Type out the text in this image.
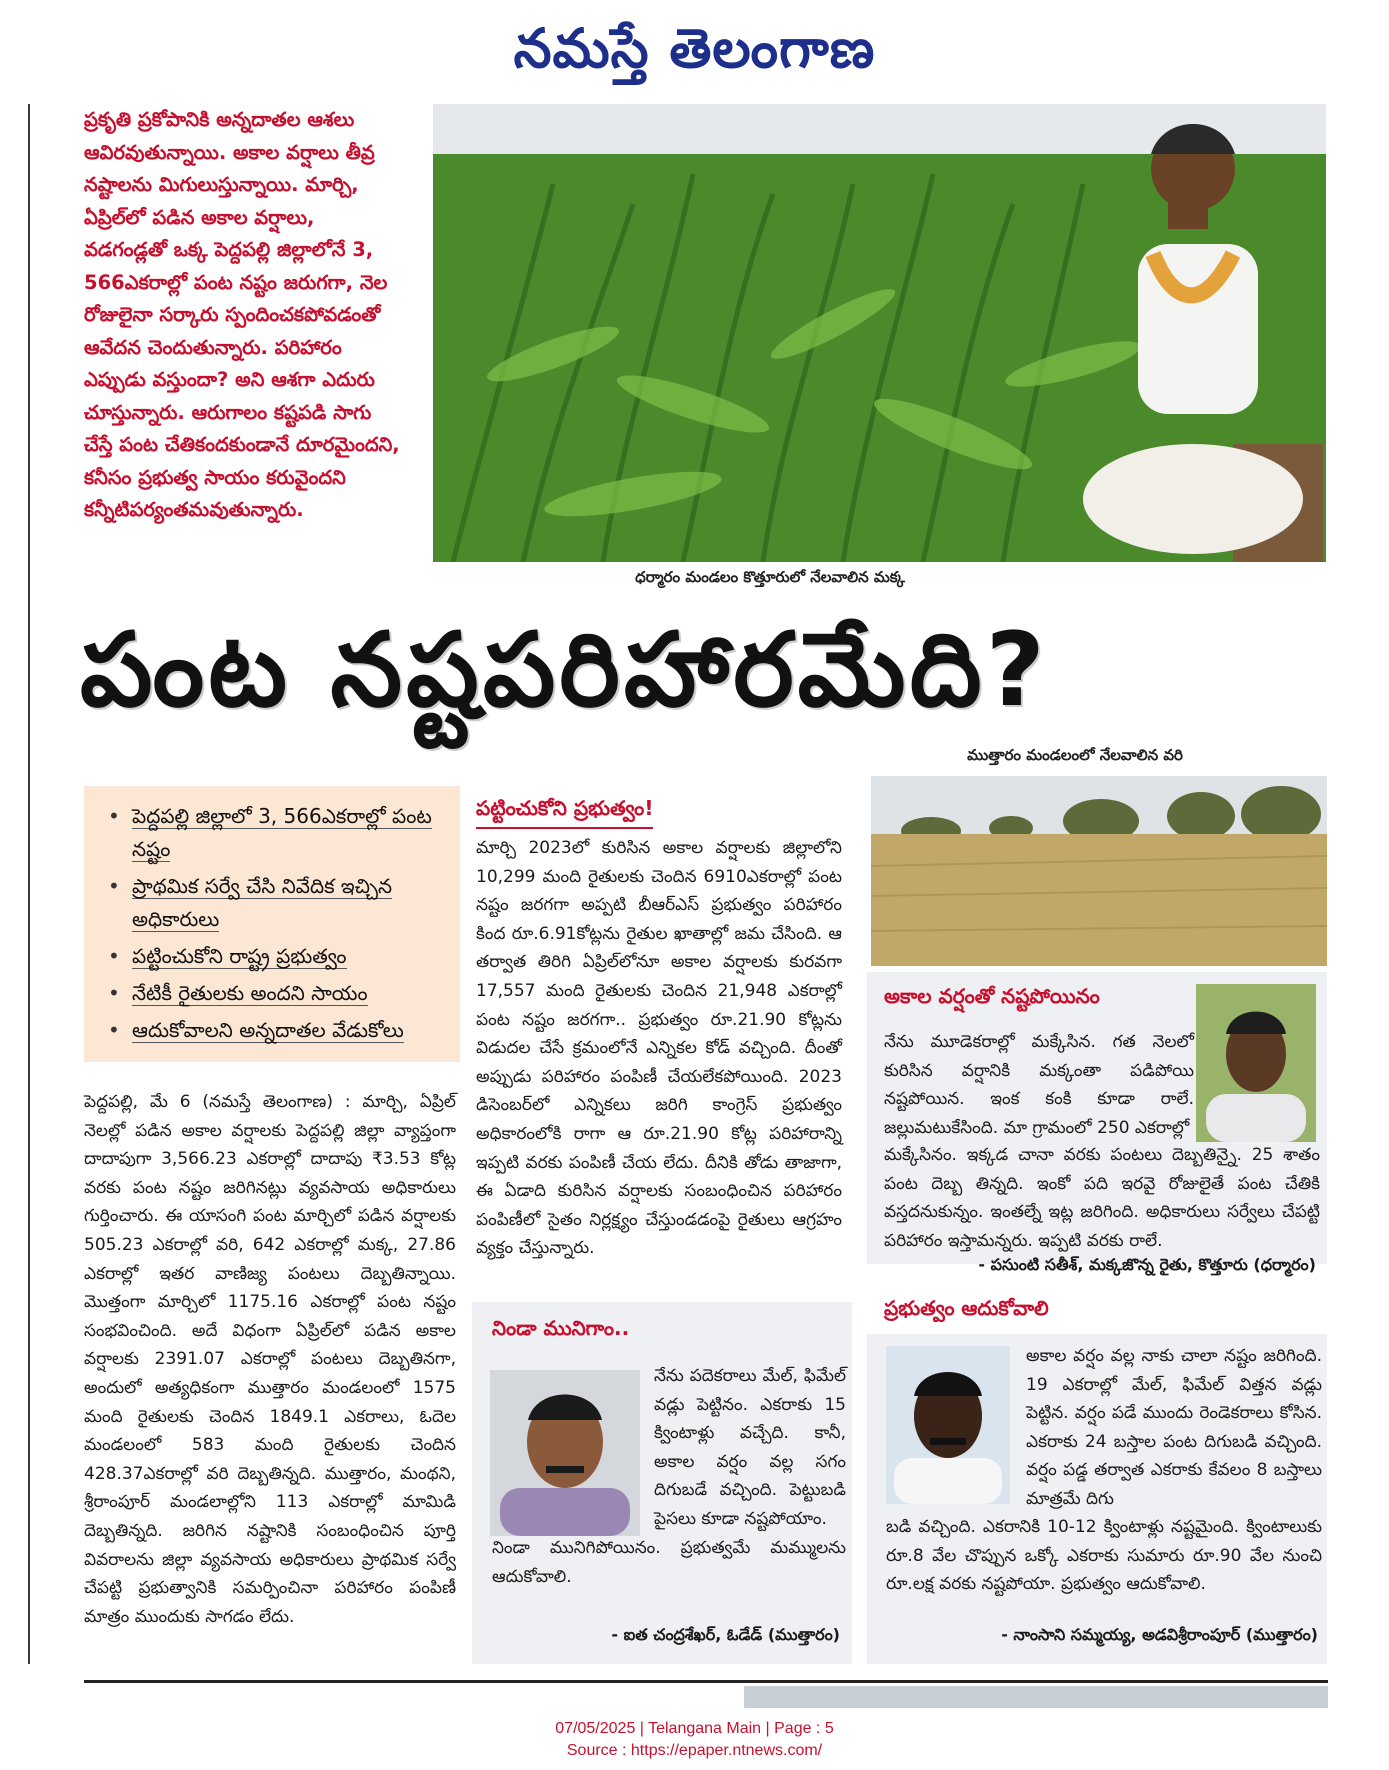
నమస్తే తెలంగాణ
ప్రకృతి ప్రకోపానికి అన్నదాతల ఆశలు ఆవిరవుతున్నాయి. అకాల వర్షాలు తీవ్ర నష్టాలను మిగులుస్తున్నాయి. మార్చి, ఏప్రిల్‌లో పడిన అకాల వర్షాలు, వడగండ్లతో ఒక్క పెద్దపల్లి జిల్లాలోనే 3, 566ఎకరాల్లో పంట నష్టం జరుగగా, నెల రోజులైనా సర్కారు స్పందించకపోవడంతో ఆవేదన చెందుతున్నారు. పరిహారం ఎప్పుడు వస్తుందా? అని ఆశగా ఎదురు చూస్తున్నారు. ఆరుగాలం కష్టపడి సాగు చేస్తే పంట చేతికందకుండానే దూరమైందని, కనీసం ప్రభుత్వ సాయం కరువైందని కన్నీటిపర్యంతమవుతున్నారు.
ధర్మారం మండలం కొత్తూరులో నేలవాలిన మక్క
పంట నష్టపరిహారమేది?
ముత్తారం మండలంలో నేలవాలిన వరి
• పెద్దపల్లి జిల్లాలో 3, 566ఎకరాల్లో పంట నష్టం
• ప్రాథమిక సర్వే చేసి నివేదిక ఇచ్చిన అధికారులు
• పట్టించుకోని రాష్ట్ర ప్రభుత్వం
• నేటికీ రైతులకు అందని సాయం
• ఆదుకోవాలని అన్నదాతల వేడుకోలు
పెద్దపల్లి, మే 6 (నమస్తే తెలంగాణ) : మార్చి, ఏప్రిల్ నెలల్లో పడిన అకాల వర్షాలకు పెద్దపల్లి జిల్లా వ్యాప్తంగా దాదాపుగా 3,566.23 ఎకరాల్లో దాదాపు ₹3.53 కోట్ల వరకు పంట నష్టం జరిగినట్లు వ్యవసాయ అధికారులు గుర్తించారు. ఈ యాసంగి పంట మార్చిలో పడిన వర్షాలకు 505.23 ఎకరాల్లో వరి, 642 ఎకరాల్లో మక్క, 27.86 ఎకరాల్లో ఇతర వాణిజ్య పంటలు దెబ్బతిన్నాయి. మొత్తంగా మార్చిలో 1175.16 ఎకరాల్లో పంట నష్టం సంభవించింది. అదే విధంగా ఏప్రిల్‌లో పడిన అకాల వర్షాలకు 2391.07 ఎకరాల్లో పంటలు దెబ్బతినగా, అందులో అత్యధికంగా ముత్తారం మండలంలో 1575 మంది రైతులకు చెందిన 1849.1 ఎకరాలు, ఓదెల మండలంలో 583 మంది రైతులకు చెందిన 428.37ఎకరాల్లో వరి దెబ్బతిన్నది. ముత్తారం, మంథని, శ్రీరాంపూర్ మండలాల్లోని 113 ఎకరాల్లో మామిడి దెబ్బతిన్నది. జరిగిన నష్టానికి సంబంధించిన పూర్తి వివరాలను జిల్లా వ్యవసాయ అధికారులు ప్రాథమిక సర్వే చేపట్టి ప్రభుత్వానికి సమర్పించినా పరిహారం పంపిణీ మాత్రం ముందుకు సాగడం లేదు.
పట్టించుకోని ప్రభుత్వం!
మార్చి 2023లో కురిసిన అకాల వర్షాలకు జిల్లాలోని 10,299 మంది రైతులకు చెందిన 6910ఎకరాల్లో పంట నష్టం జరగగా అప్పటి బీఆర్‌ఎస్ ప్రభుత్వం పరిహారం కింద రూ.6.91కోట్లను రైతుల ఖాతాల్లో జమ చేసింది. ఆ తర్వాత తిరిగి ఏప్రిల్‌లోనూ అకాల వర్షాలకు కురవగా 17,557 మంది రైతులకు చెందిన 21,948 ఎకరాల్లో పంట నష్టం జరగగా.. ప్రభుత్వం రూ.21.90 కోట్లను విడుదల చేసే క్రమంలోనే ఎన్నికల కోడ్ వచ్చింది. దీంతో అప్పుడు పరిహారం పంపిణీ చేయలేకపోయింది. 2023 డిసెంబర్‌లో ఎన్నికలు జరిగి కాంగ్రెస్ ప్రభుత్వం అధికారంలోకి రాగా ఆ రూ.21.90 కోట్ల పరిహారాన్ని ఇప్పటి వరకు పంపిణీ చేయ లేదు. దీనికి తోడు తాజాగా, ఈ ఏడాది కురిసిన వర్షాలకు సంబంధించిన పరిహారం పంపిణీలో సైతం నిర్లక్ష్యం చేస్తుండడంపై రైతులు ఆగ్రహం వ్యక్తం చేస్తున్నారు.
అకాల వర్షంతో నష్టపోయినం
నేను మూడెకరాల్లో మక్కేసిన. గత నెలలో కురిసిన వర్షానికి మక్కంతా పడిపోయి నష్టపోయిన. ఇంక కంకి కూడా రాలే. జల్లుమటుకేసింది. మా గ్రామంలో 250 ఎకరాల్లో
మక్కేసినం. ఇక్కడ చానా వరకు పంటలు దెబ్బతిన్నై. 25 శాతం పంట దెబ్బ తిన్నది. ఇంకో పది ఇరవై రోజులైతే పంట చేతికి వస్తదనుకున్నం. ఇంతల్నే ఇట్ల జరిగింది. అధికారులు సర్వేలు చేపట్టి పరిహారం ఇస్తామన్నరు. ఇప్పటి వరకు రాలే.
- పసుంటి సతీశ్, మక్కజొన్న రైతు, కొత్తూరు (ధర్మారం)
ప్రభుత్వం ఆదుకోవాలి
అకాల వర్షం వల్ల నాకు చాలా నష్టం జరిగింది. 19 ఎకరాల్లో మేల్, ఫిమేల్ విత్తన వడ్లు పెట్టిన. వర్షం పడే ముందు రెండెకరాలు కోసిన. ఎకరాకు 24 బస్తాల పంట దిగుబడి వచ్చింది. వర్షం పడ్డ తర్వాత ఎకరాకు కేవలం 8 బస్తాలు మాత్రమే దిగు
బడి వచ్చింది. ఎకరానికి 10-12 క్వింటాళ్లు నష్టమైంది. క్వింటాలుకు రూ.8 వేల చొప్పున ఒక్కో ఎకరాకు సుమారు రూ.90 వేల నుంచి రూ.లక్ష వరకు నష్టపోయా. ప్రభుత్వం ఆదుకోవాలి.
- నాంసాని సమ్మయ్య, అడవిశ్రీరాంపూర్ (ముత్తారం)
నిండా మునిగాం..
నేను పదెకరాలు మేల్, ఫిమేల్ వడ్లు పెట్టినం. ఎకరాకు 15 క్వింటాళ్లు వచ్చేది. కానీ, అకాల వర్షం వల్ల సగం దిగుబడే వచ్చింది. పెట్టుబడి పైసలు కూడా నష్టపోయాం.
నిండా మునిగిపోయినం. ప్రభుత్వమే మమ్ములను ఆదుకోవాలి.
- ఐత చంద్రశేఖర్, ఓడేడ్ (ముత్తారం)
07/05/2025 | Telangana Main | Page : 5
Source : https://epaper.ntnews.com/
